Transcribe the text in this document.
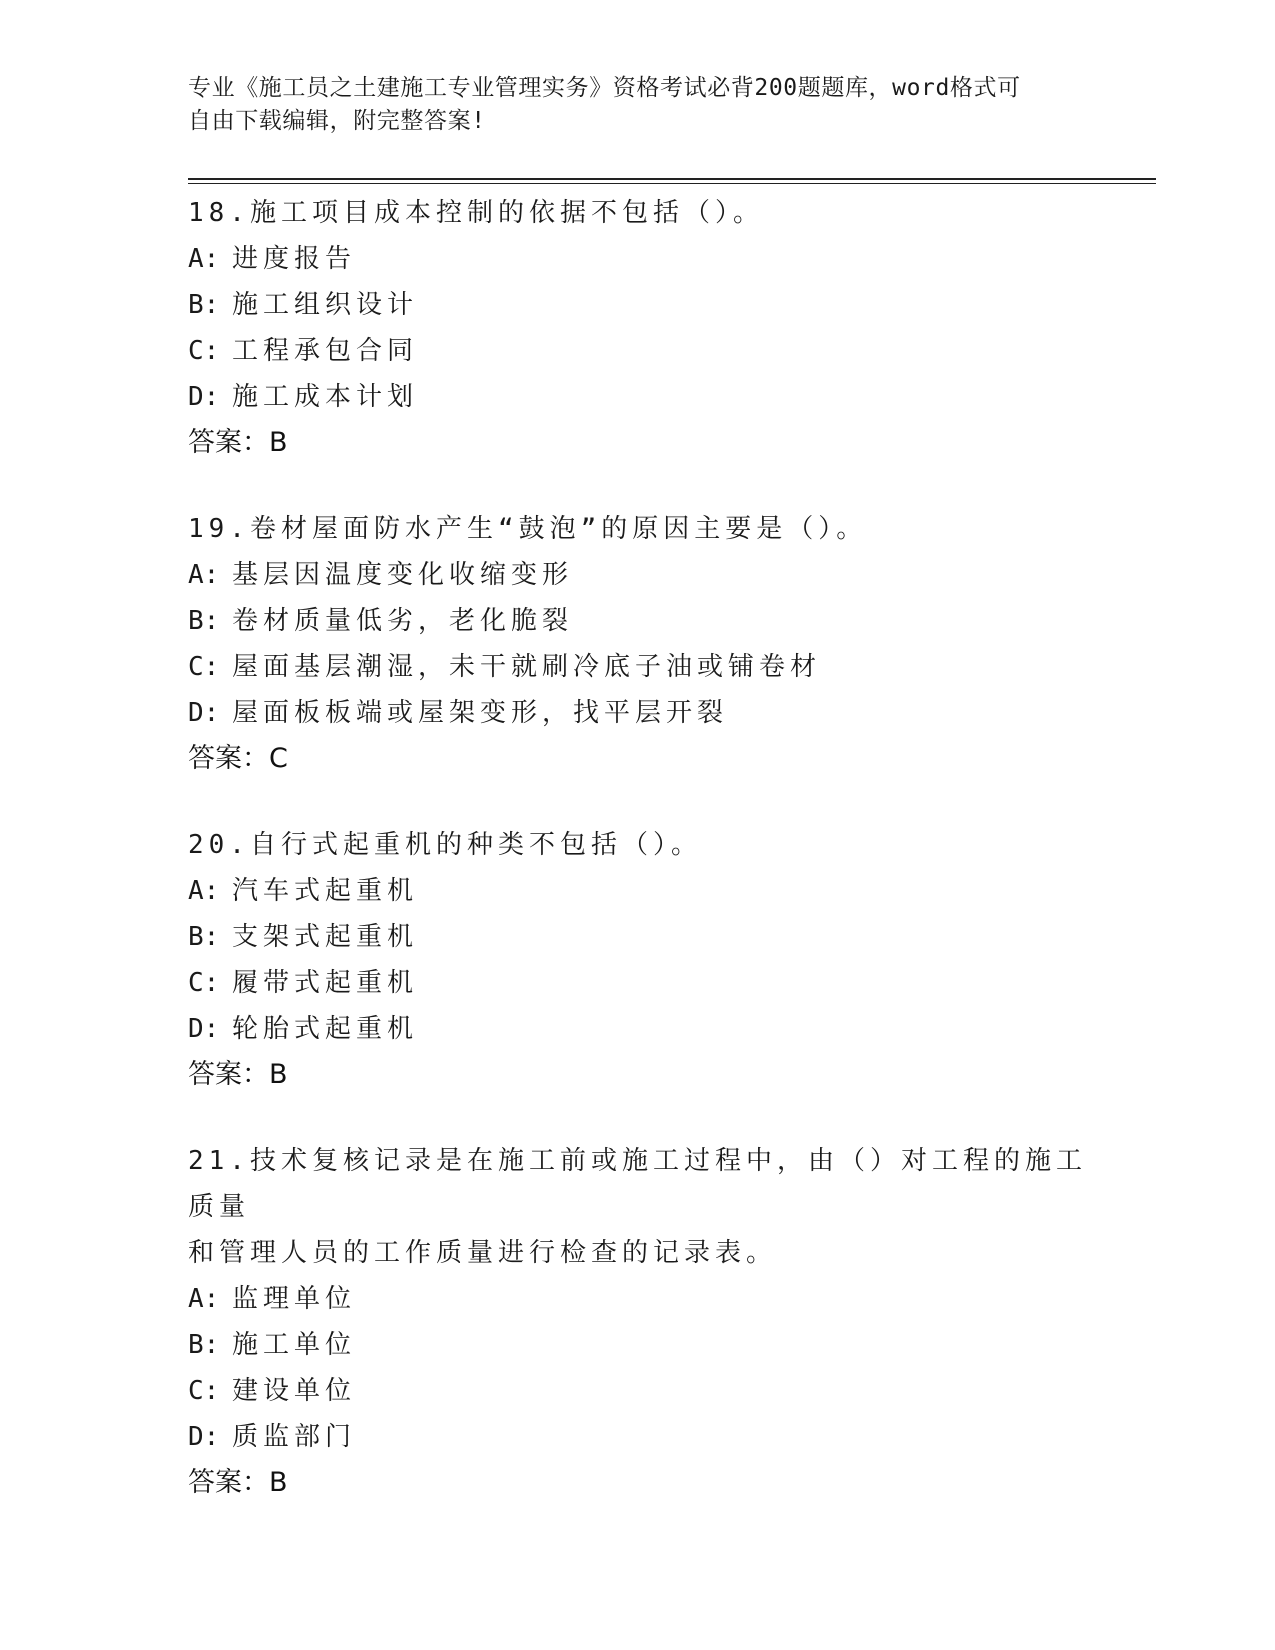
专业《施工员之土建施工专业管理实务》资格考试必背200题题库，word格式可
自由下载编辑，附完整答案!

18.施工项目成本控制的依据不包括（）。

A: 进度报告

B: 施工组织设计

C: 工程承包合同

D: 施工成本计划

答案：B

19.卷材屋面防水产生“鼓泡”的原因主要是（）。

A: 基层因温度变化收缩变形

B: 卷材质量低劣，老化脆裂

C: 屋面基层潮湿，未干就刷冷底子油或铺卷材

D: 屋面板板端或屋架变形，找平层开裂

答案：C

20.自行式起重机的种类不包括（）。

A: 汽车式起重机

B: 支架式起重机

C: 履带式起重机

D: 轮胎式起重机

答案：B

21.技术复核记录是在施工前或施工过程中，由（）对工程的施工质量

和管理人员的工作质量进行检查的记录表。

A: 监理单位

B: 施工单位

C: 建设单位

D: 质监部门

答案：B
